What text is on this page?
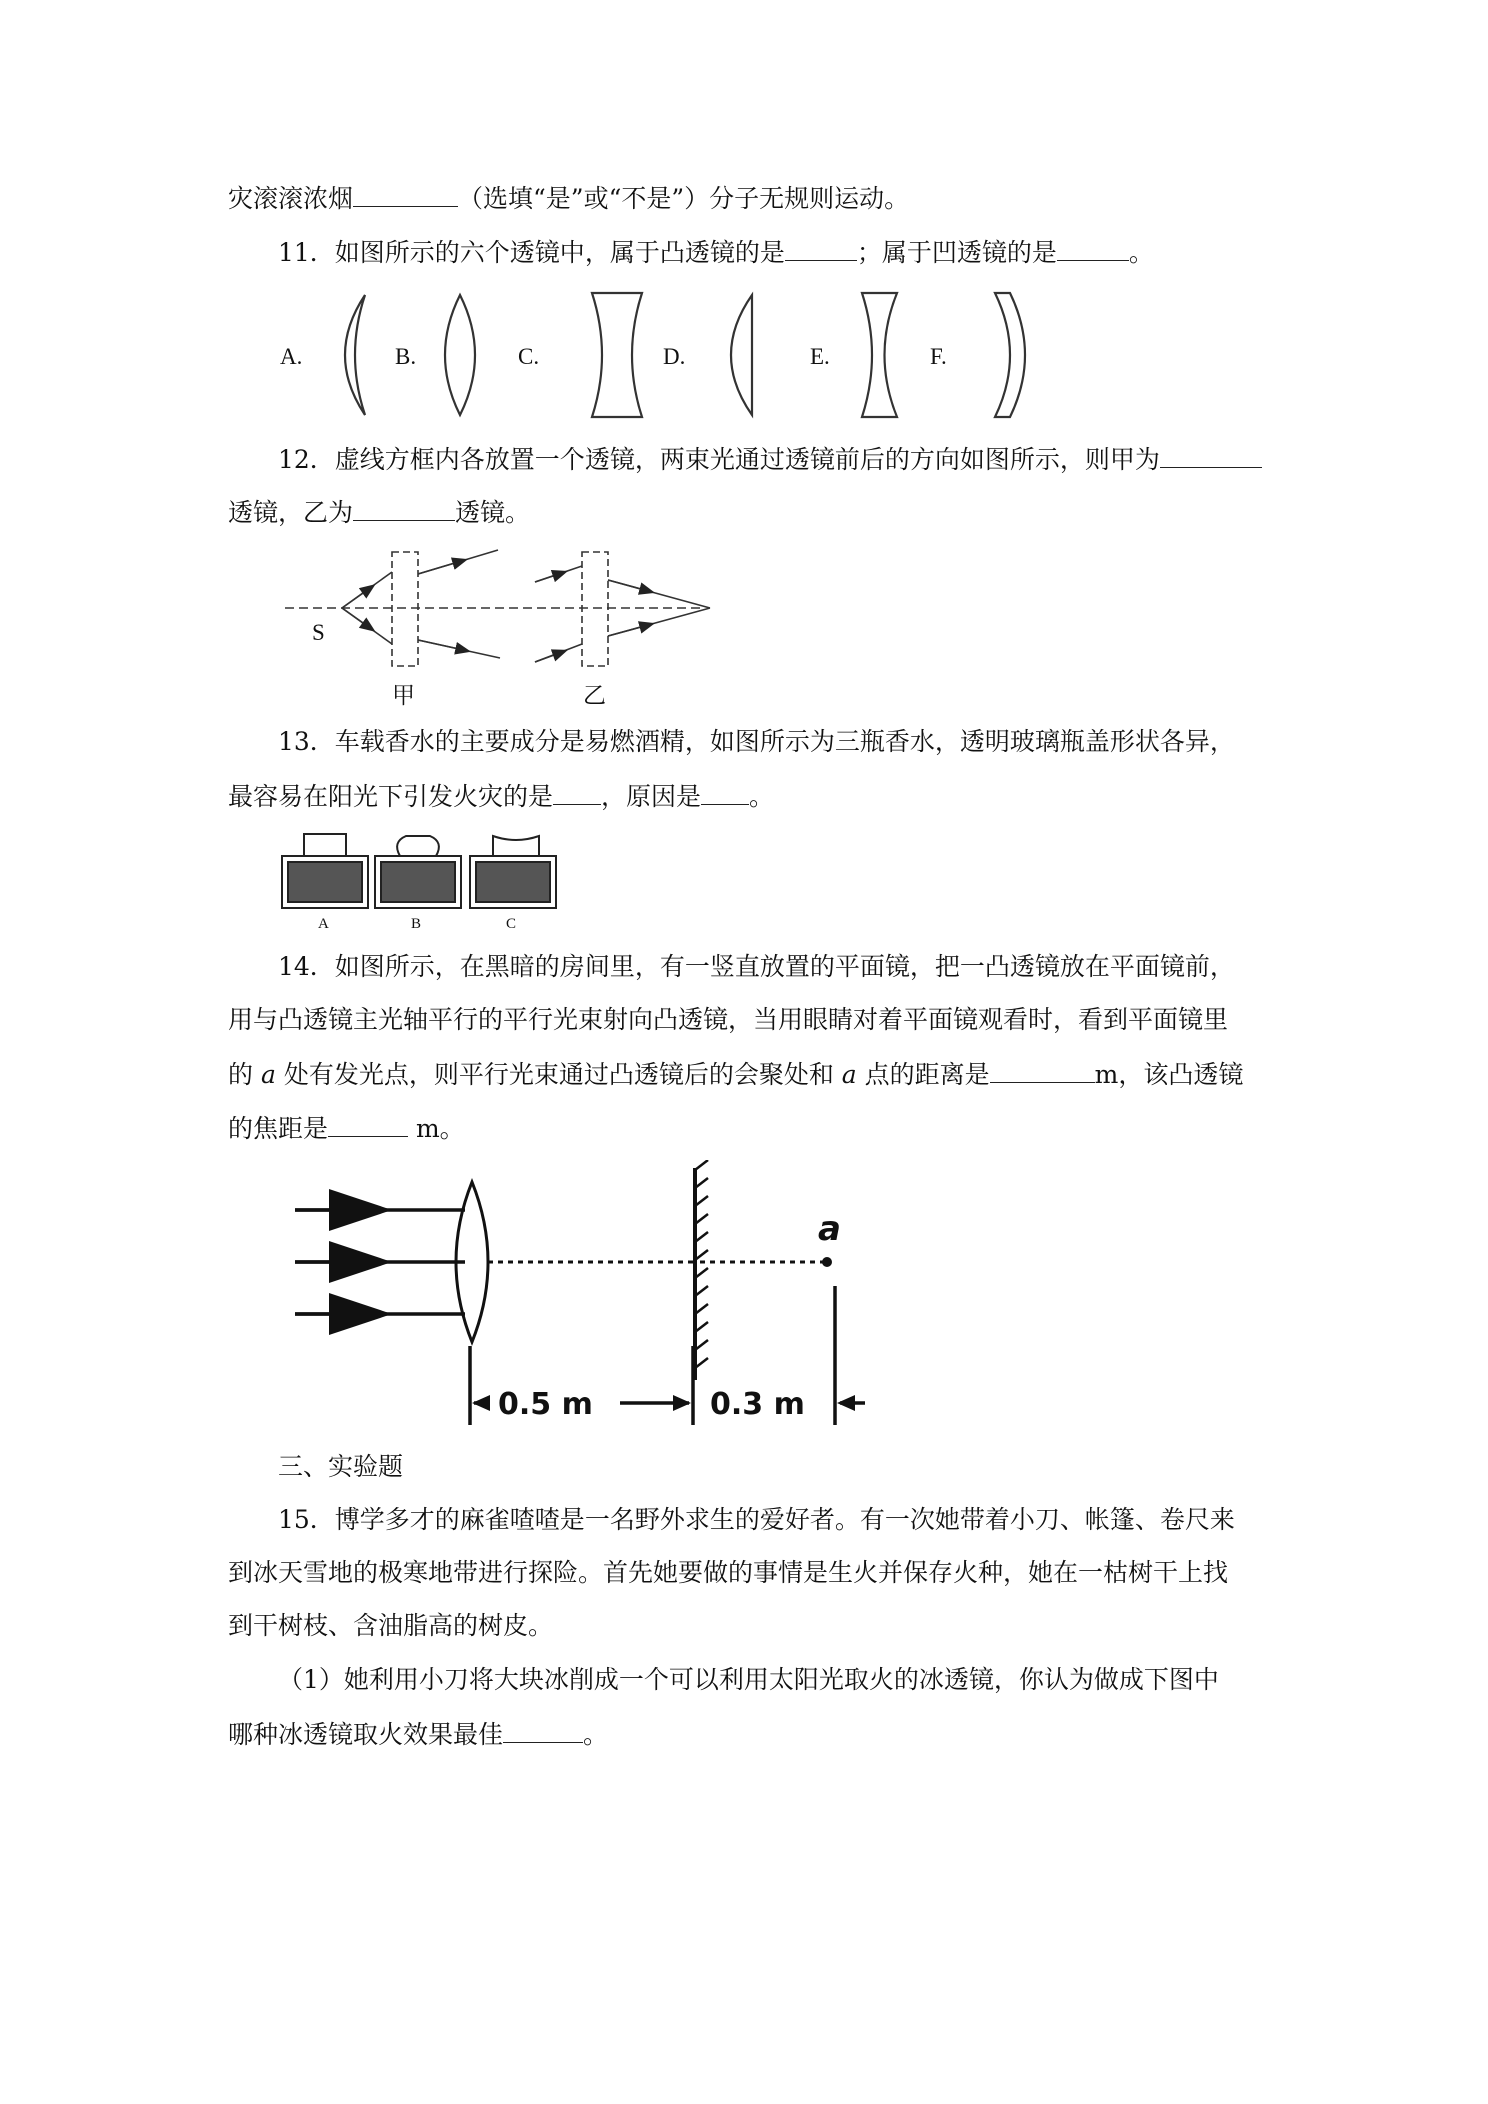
灾滚滚浓烟	（选填“是”或“不是”）分子无规则运动。
11．如图所示的六个透镜中，属于凸透镜的是	；属于凹透镜的是	。
A.	B.	C.	D.	E.	F.
12．虚线方框内各放置一个透镜，两束光通过透镜前后的方向如图所示，则甲为
透镜，乙为	透镜。
S
甲	乙
13．车载香水的主要成分是易燃酒精，如图所示为三瓶香水，透明玻璃瓶盖形状各异，
最容易在阳光下引发火灾的是 ，原因是 。
A	B	C
14．如图所示，在黑暗的房间里，有一竖直放置的平面镜，把一凸透镜放在平面镜前，
用与凸透镜主光轴平行的平行光束射向凸透镜，当用眼睛对着平面镜观看时，看到平面镜里
的 a 处有发光点，则平行光束通过凸透镜后的会聚处和 a 点的距离是	m，该凸透镜
的焦距是	m。
a
0.5 m	0.3 m
三、实验题
15．博学多才的麻雀喳喳是一名野外求生的爱好者。有一次她带着小刀、帐篷、卷尺来
到冰天雪地的极寒地带进行探险。首先她要做的事情是生火并保存火种，她在一枯树干上找
到干树枝、含油脂高的树皮。
（1）她利用小刀将大块冰削成一个可以利用太阳光取火的冰透镜，你认为做成下图中
哪种冰透镜取火效果最佳	。
